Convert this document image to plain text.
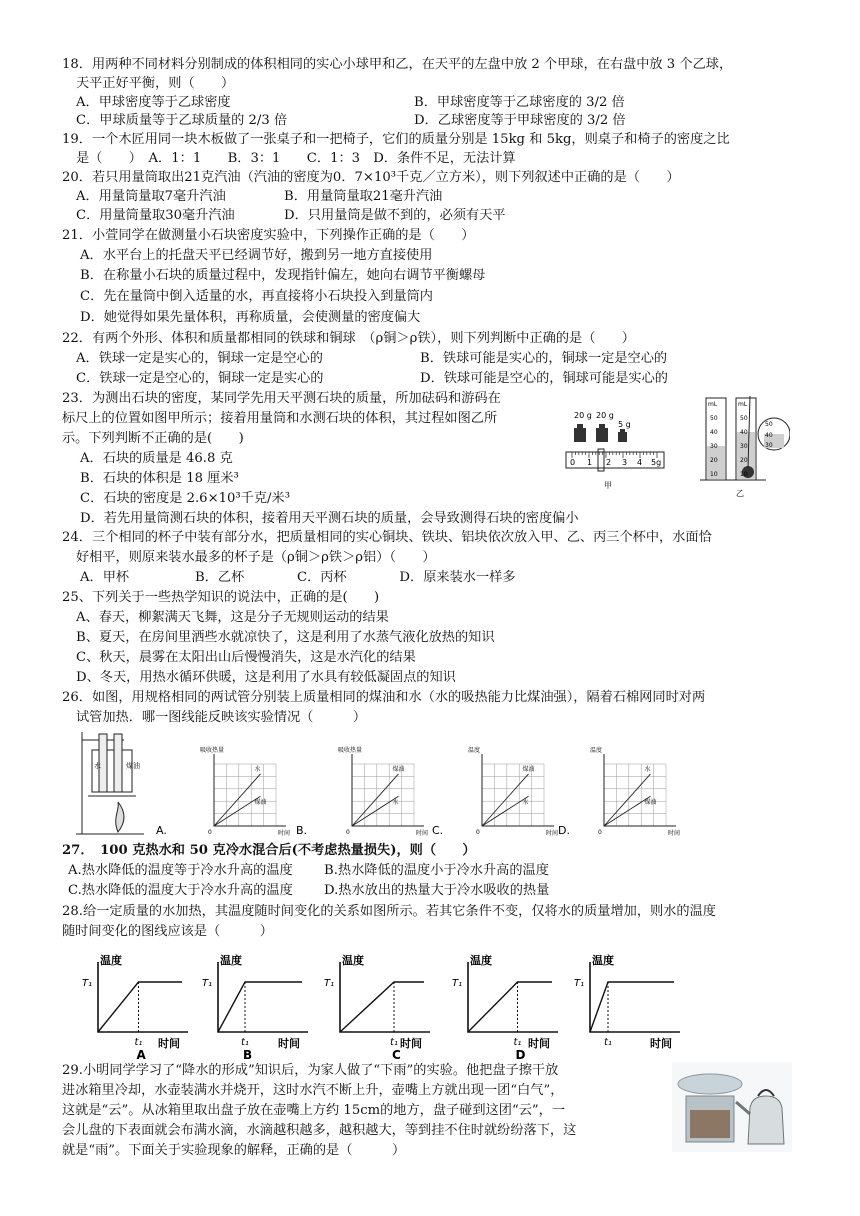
18．用两种不同材料分别制成的体积相同的实心小球甲和乙，在天平的左盘中放 2 个甲球，在右盘中放 3 个乙球，
天平正好平衡，则（　　）
A．甲球密度等于乙球密度	B．甲球密度等于乙球密度的 3/2 倍
C．甲球质量等于乙球质量的 2/3 倍	D．乙球密度等于甲球密度的 3/2 倍
19．一个木匠用同一块木板做了一张桌子和一把椅子，它们的质量分别是 15kg 和 5kg，则桌子和椅子的密度之比
是（　　）　A．1：1　　B．3：1　　C．1：3　D．条件不足，无法计算
20．若只用量筒取出21克汽油（汽油的密度为0．7×10³千克／立方米），则下列叙述中正确的是（　　）
A．用量筒量取7毫升汽油	B．用量筒量取21毫升汽油
C．用量筒量取30毫升汽油	D．只用量筒是做不到的，必须有天平
21．小萱同学在做测量小石块密度实验中，下列操作正确的是（　　）
A．水平台上的托盘天平已经调节好，搬到另一地方直接使用
B．在称量小石块的质量过程中，发现指针偏左，她向右调节平衡螺母
C．先在量筒中倒入适量的水，再直接将小石块投入到量筒内
D．她觉得如果先量体积，再称质量，会使测量的密度偏大
22．有两个外形、体积和质量都相同的铁球和铜球　（ρ铜＞ρ铁），则下列判断中正确的是（　　）
A．铁球一定是实心的，铜球一定是空心的	B．铁球可能是实心的，铜球一定是空心的
C．铁球一定是空心的，铜球一定是实心的	D．铁球可能是空心的，铜球可能是实心的
23．为测出石块的密度，某同学先用天平测石块的质量，所加砝码和游码在
标尺上的位置如图甲所示；接着用量筒和水测石块的体积，其过程如图乙所
示。下列判断不正确的是(　　)
A．石块的质量是 46.8 克
B．石块的体积是 18 厘米³
C．石块的密度是 2.6×10³千克/米³
D．若先用量筒测石块的体积，接着用天平测石块的质量，会导致测得石块的密度偏小
20 g 20 g
5 g
0 1 2 3 4 5g
甲
mL
50
40
30
20
10
mL
50
40
30
20
10
50
40
30
乙
24．三个相同的杯子中装有部分水，把质量相同的实心铜块、铁块、铝块依次放入甲、乙、丙三个杯中，水面恰
好相平，则原来装水最多的杯子是（ρ铜＞ρ铁＞ρ铝）（　　）
A．甲杯　　　　　B．乙杯　　　　C．丙杯　　　　D．原来装水一样多
25、下列关于一些热学知识的说法中，正确的是(　　)
A、春天，柳絮满天飞舞，这是分子无规则运动的结果
B、夏天，在房间里洒些水就凉快了，这是利用了水蒸气液化放热的知识
C、秋天，晨雾在太阳出山后慢慢消失，这是水汽化的结果
D、冬天，用热水循环供暖，这是利用了水具有较低凝固点的知识
26．如图，用规格相同的两试管分别装上质量相同的煤油和水（水的吸热能力比煤油强），隔着石棉网同时对两
试管加热．哪一图线能反映该实验情况（　　　）
水	煤油
A.
吸收热量
时间
0
水
煤油
吸收热量
时间
0
煤油
水
温度
时间
0
煤油
水
温度
时间
0
水
煤油
B.	C.	D.
27．　100 克热水和 50 克冷水混合后(不考虑热量损失)，则（　　）
A.热水降低的温度等于冷水升高的温度 B.热水降低的温度小于冷水升高的温度
C.热水降低的温度大于冷水升高的温度 D.热水放出的热量大于冷水吸收的热量
28.给一定质量的水加热，其温度随时间变化的关系如图所示。若其它条件不变，仅将水的质量增加，则水的温度
随时间变化的图线应该是（　　　）
温度
时间
T₁
t₁
A
温度
时间
T₁
t₁
B
温度
时间
T₁
t₁
C
温度
时间
T₁
t₁
D
温度
时间
T₁
t₁
29.小明同学学习了“降水的形成”知识后，为家人做了“下雨”的实验。他把盘子擦干放
进冰箱里冷却，水壶装满水并烧开，这时水汽不断上升，壶嘴上方就出现一团“白气”，
这就是“云”。从冰箱里取出盘子放在壶嘴上方约 15cm的地方，盘子碰到这团“云”，一
会儿盘的下表面就会布满水滴，水滴越积越多，越积越大，等到挂不住时就纷纷落下，这
就是“雨”。下面关于实验现象的解释，正确的是（　　　）
